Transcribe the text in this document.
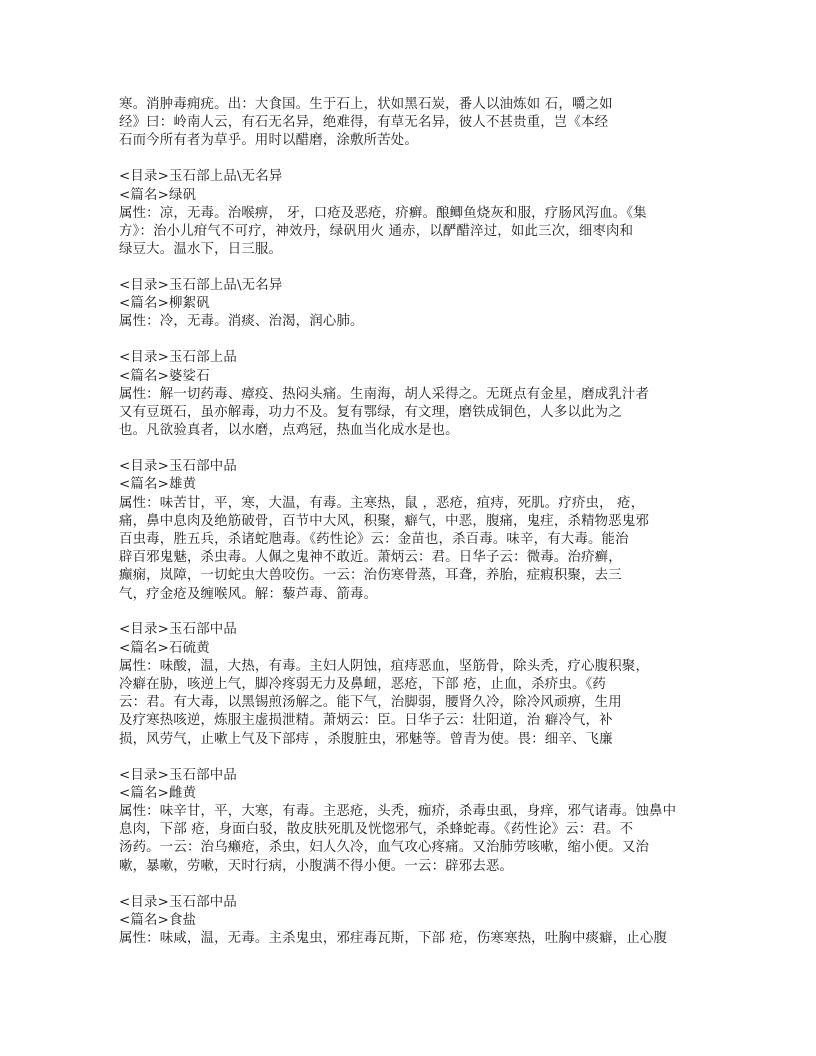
寒。消肿毒痈疣。出：大食国。生于石上，状如黑石炭，番人以油炼如 石，嚼之如
经》曰：岭南人云，有石无名异，绝难得，有草无名异，彼人不甚贵重，岂《本经
石而今所有者为草乎。用时以醋磨，涂敷所苦处。
<目录>玉石部上品\无名异
<篇名>绿矾
属性：凉，无毒。治喉痹， 牙，口疮及恶疮，疥癣。酿鲫鱼烧灰和服，疗肠风泻血。《集
方》：治小儿疳气不可疗，神效丹，绿矾用火 通赤，以酽醋淬过，如此三次，细枣肉和
绿豆大。温水下，日三服。
<目录>玉石部上品\无名异
<篇名>柳絮矾
属性：冷，无毒。消痰、治渴，润心肺。
<目录>玉石部上品
<篇名>婆娑石
属性：解一切药毒、瘴疫、热闷头痛。生南海，胡人采得之。无斑点有金星，磨成乳汁者
又有豆斑石，虽亦解毒，功力不及。复有鄂绿，有文理，磨铁成铜色，人多以此为之
也。凡欲验真者，以水磨，点鸡冠，热血当化成水是也。
<目录>玉石部中品
<篇名>雄黄
属性：味苦甘，平，寒，大温，有毒。主寒热，鼠 ，恶疮，疽痔，死肌。疗疥虫， 疮，
痛，鼻中息肉及绝筋破骨，百节中大风，积聚，癖气，中恶，腹痛，鬼疰，杀精物恶鬼邪
百虫毒，胜五兵，杀诸蛇虺毒。《药性论》云：金苗也，杀百毒。味辛，有大毒。能治
辟百邪鬼魅，杀虫毒。人佩之鬼神不敢近。萧炳云：君。日华子云：微毒。治疥癣，
癫痫，岚障，一切蛇虫大兽咬伤。一云：治伤寒骨蒸，耳聋，养胎，症瘕积聚，去三
气，疗金疮及缠喉风。解：藜芦毒、箭毒。
<目录>玉石部中品
<篇名>石硫黄
属性：味酸，温，大热，有毒。主妇人阴蚀，疽痔恶血，坚筋骨，除头秃，疗心腹积聚，
冷癖在胁，咳逆上气，脚冷疼弱无力及鼻衄，恶疮，下部 疮，止血，杀疥虫。《药
云：君。有大毒，以黑锡煎汤解之。能下气，治脚弱，腰肾久冷，除冷风顽痹，生用
及疗寒热咳逆，炼服主虚损泄精。萧炳云：臣。日华子云：壮阳道，治 癖冷气，补
损，风劳气，止嗽上气及下部痔 ，杀腹脏虫，邪魅等。曾青为使。畏：细辛、飞廉
<目录>玉石部中品
<篇名>雌黄
属性：味辛甘，平，大寒，有毒。主恶疮，头秃，痂疥，杀毒虫虱，身痒，邪气诸毒。蚀鼻中
息肉，下部 疮，身面白驳，散皮肤死肌及恍惚邪气，杀蜂蛇毒。《药性论》云：君。不
汤药。一云：治乌癞疮，杀虫，妇人久冷，血气攻心疼痛。又治肺劳咳嗽，缩小便。又治
嗽，暴嗽，劳嗽，天时行病，小腹满不得小便。一云：辟邪去恶。
<目录>玉石部中品
<篇名>食盐
属性：味咸，温，无毒。主杀鬼虫，邪疰毒瓦斯，下部 疮，伤寒寒热，吐胸中痰癖，止心腹
